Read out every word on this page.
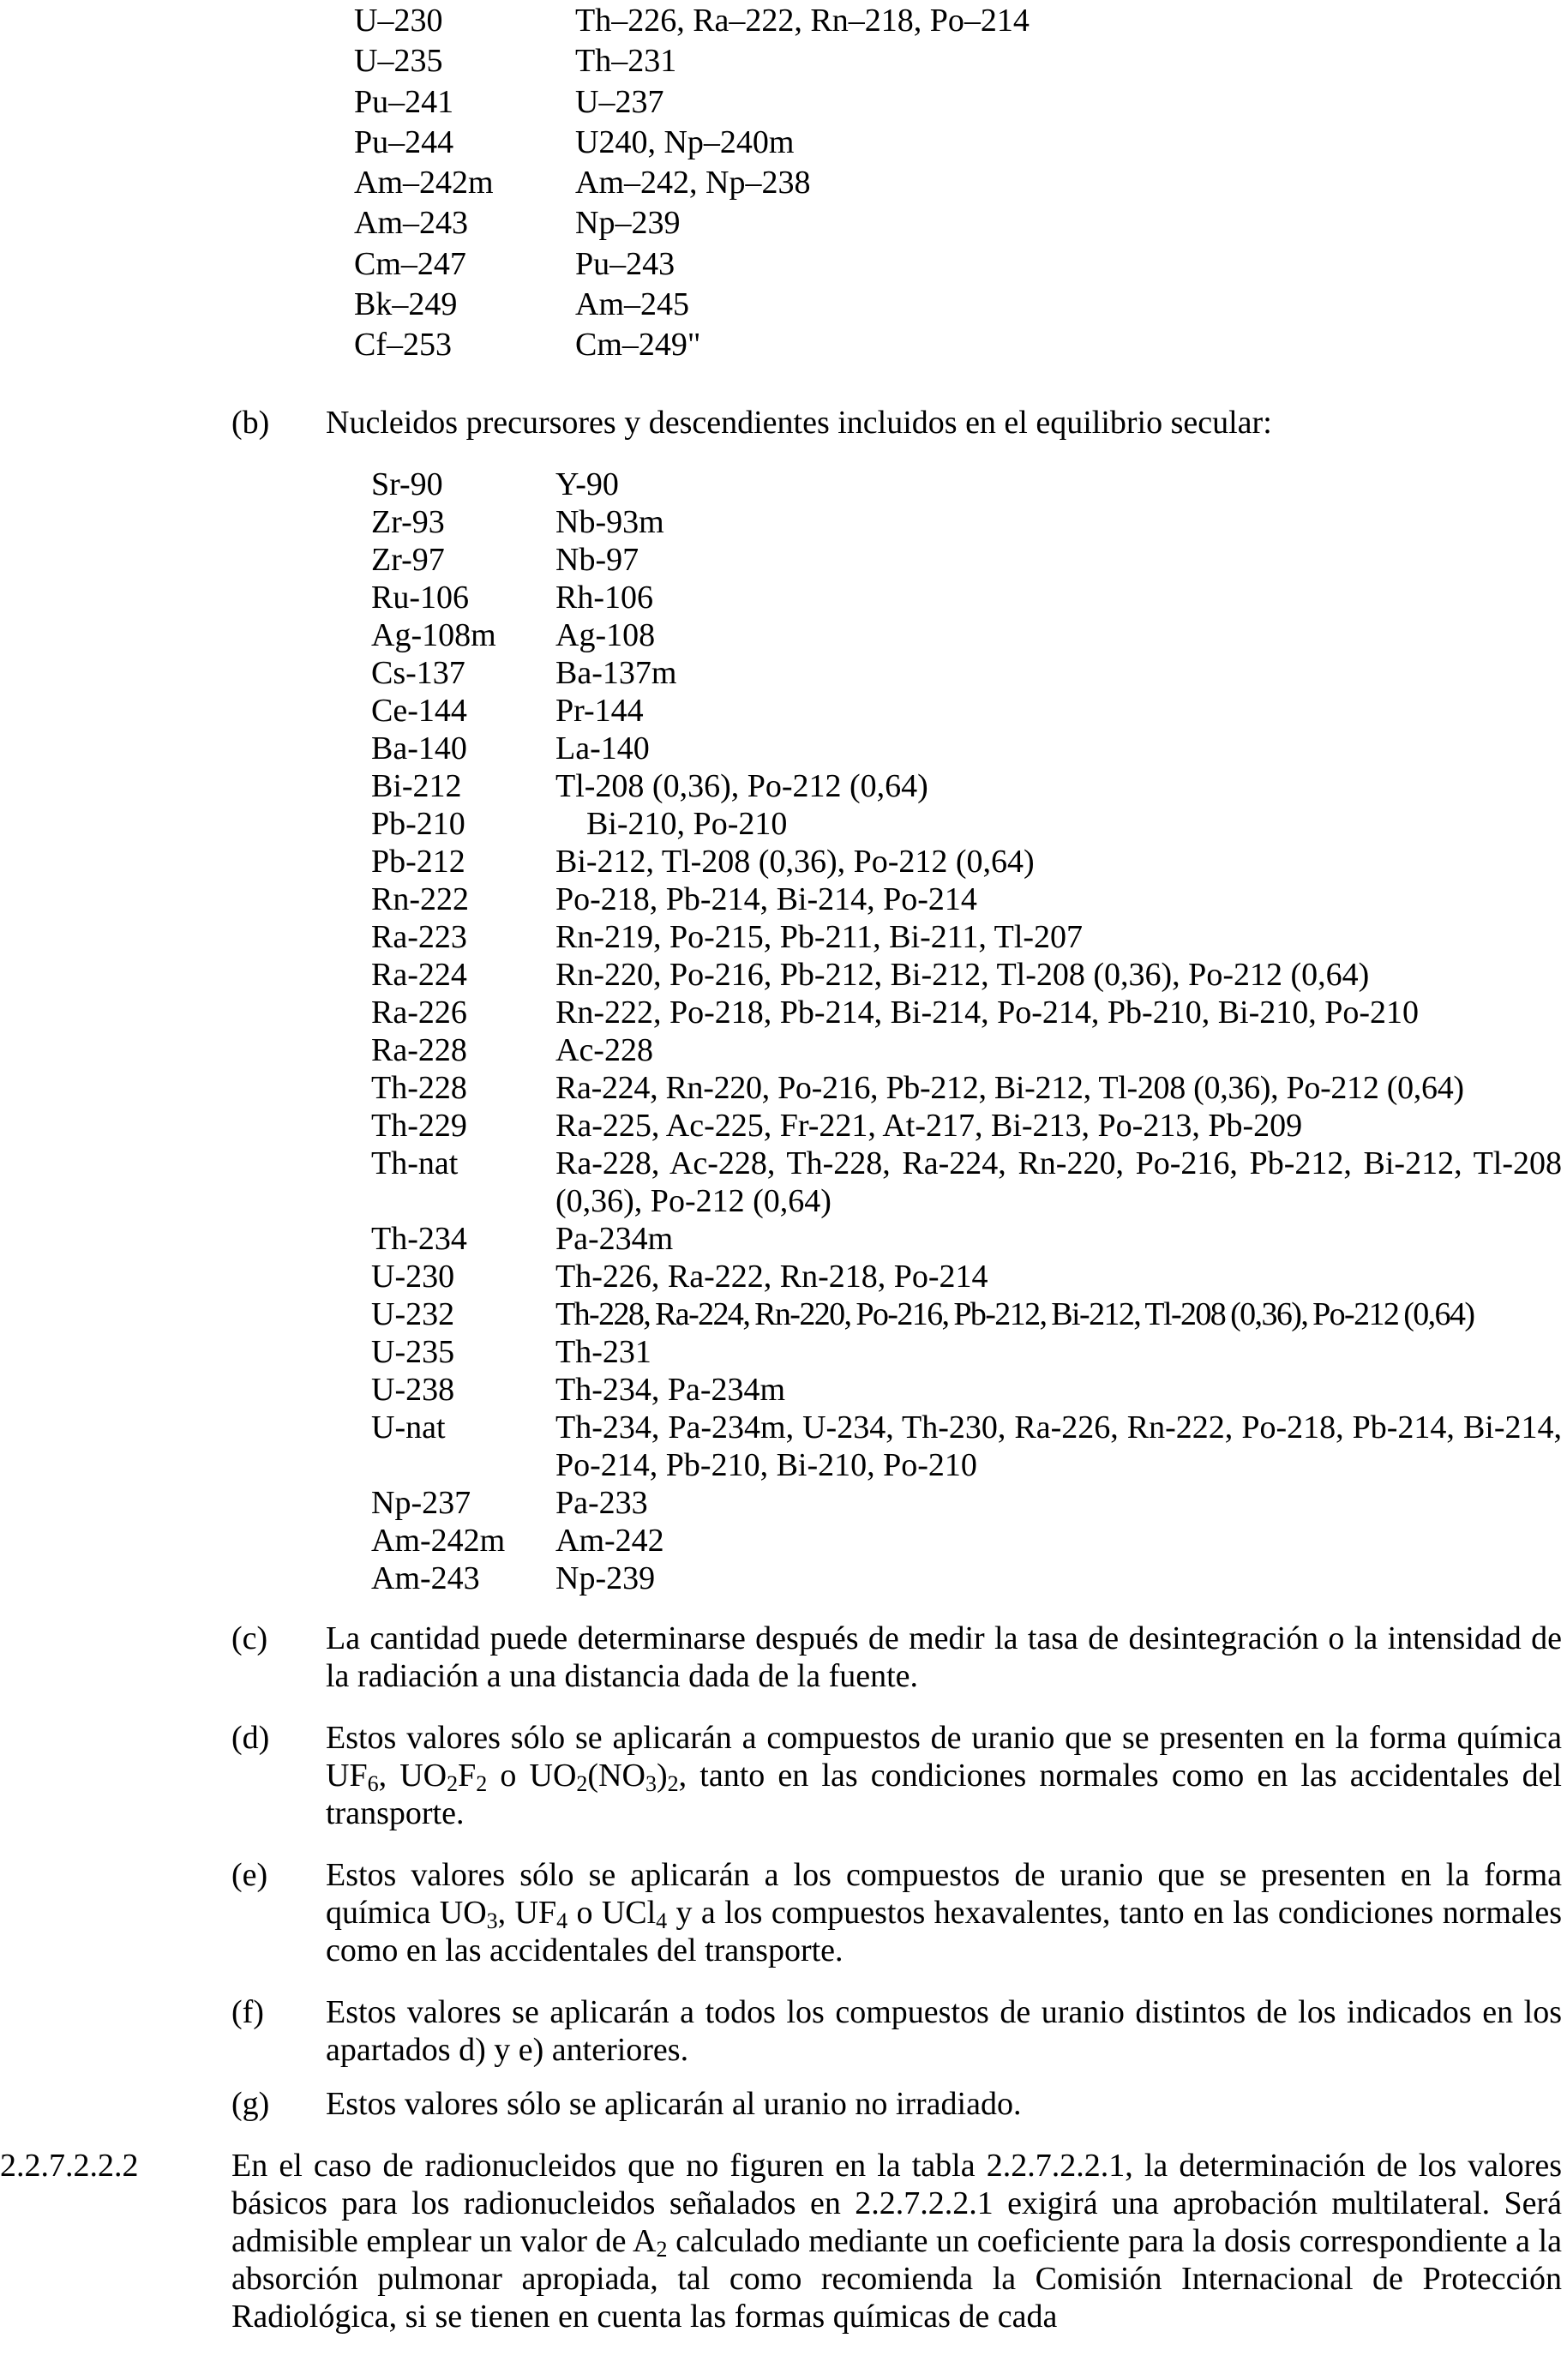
U–230	Th–226, Ra–222, Rn–218, Po–214
U–235	Th–231
Pu–241	U–237
Pu–244	U240, Np–240m
Am–242m	Am–242, Np–238
Am–243	Np–239
Cm–247	Pu–243
Bk–249	Am–245
Cf–253	Cm–249"
(b)	Nucleidos precursores y descendientes incluidos en el equilibrio secular:
Sr-90	Y-90
Zr-93	Nb-93m
Zr-97	Nb-97
Ru-106	Rh-106
Ag-108m	Ag-108
Cs-137	Ba-137m
Ce-144	Pr-144
Ba-140	La-140
Bi-212	Tl-208 (0,36), Po-212 (0,64)
Pb-210	Bi-210, Po-210
Pb-212	Bi-212, Tl-208 (0,36), Po-212 (0,64)
Rn-222	Po-218, Pb-214, Bi-214, Po-214
Ra-223	Rn-219, Po-215, Pb-211, Bi-211, Tl-207
Ra-224	Rn-220, Po-216, Pb-212, Bi-212, Tl-208 (0,36), Po-212 (0,64)
Ra-226	Rn-222, Po-218, Pb-214, Bi-214, Po-214, Pb-210, Bi-210, Po-210
Ra-228	Ac-228
Th-228	Ra-224, Rn-220, Po-216, Pb-212, Bi-212, Tl-208 (0,36), Po-212 (0,64)
Th-229	Ra-225, Ac-225, Fr-221, At-217, Bi-213, Po-213, Pb-209
Th-nat	Ra-228, Ac-228, Th-228, Ra-224, Rn-220, Po-216, Pb-212, Bi-212, Tl-208 (0,36), Po-212 (0,64)
Th-234	Pa-234m
U-230	Th-226, Ra-222, Rn-218, Po-214
U-232	Th-228, Ra-224, Rn-220, Po-216, Pb-212, Bi-212, Tl-208 (0,36), Po-212 (0,64)
U-235	Th-231
U-238	Th-234, Pa-234m
U-nat	Th-234, Pa-234m, U-234, Th-230, Ra-226, Rn-222, Po-218, Pb-214, Bi-214, Po-214, Pb-210, Bi-210, Po-210
Np-237	Pa-233
Am-242m	Am-242
Am-243	Np-239
(c)	La cantidad puede determinarse después de medir la tasa de desintegración o la intensidad de la radiación a una distancia dada de la fuente.
(d)	Estos valores sólo se aplicarán a compuestos de uranio que se presenten en la forma química $UF_6$, $UO_2F_2$ o $UO_2(NO_3)_2$, tanto en las condiciones normales como en las accidentales del transporte.
(e)	Estos valores sólo se aplicarán a los compuestos de uranio que se presenten en la forma química $UO_3$, $UF_4$ o UCl$_4$ y a los compuestos hexavalentes, tanto en las condiciones normales como en las accidentales del transporte.
(f)	Estos valores se aplicarán a todos los compuestos de uranio distintos de los indicados en los apartados d) y e) anteriores.
(g)	Estos valores sólo se aplicarán al uranio no irradiado.
2.2.7.2.2.2	En el caso de radionucleidos que no figuren en la tabla 2.2.7.2.2.1, la determinación de los valores básicos para los radionucleidos señalados en 2.2.7.2.2.1 exigirá una aprobación multilateral. Será admisible emplear un valor de $A_2$ calculado mediante un coeficiente para la dosis correspondiente a la absorción pulmonar apropiada, tal como recomienda la Comisión Internacional de Protección Radiológica, si se tienen en cuenta las formas químicas de cada
